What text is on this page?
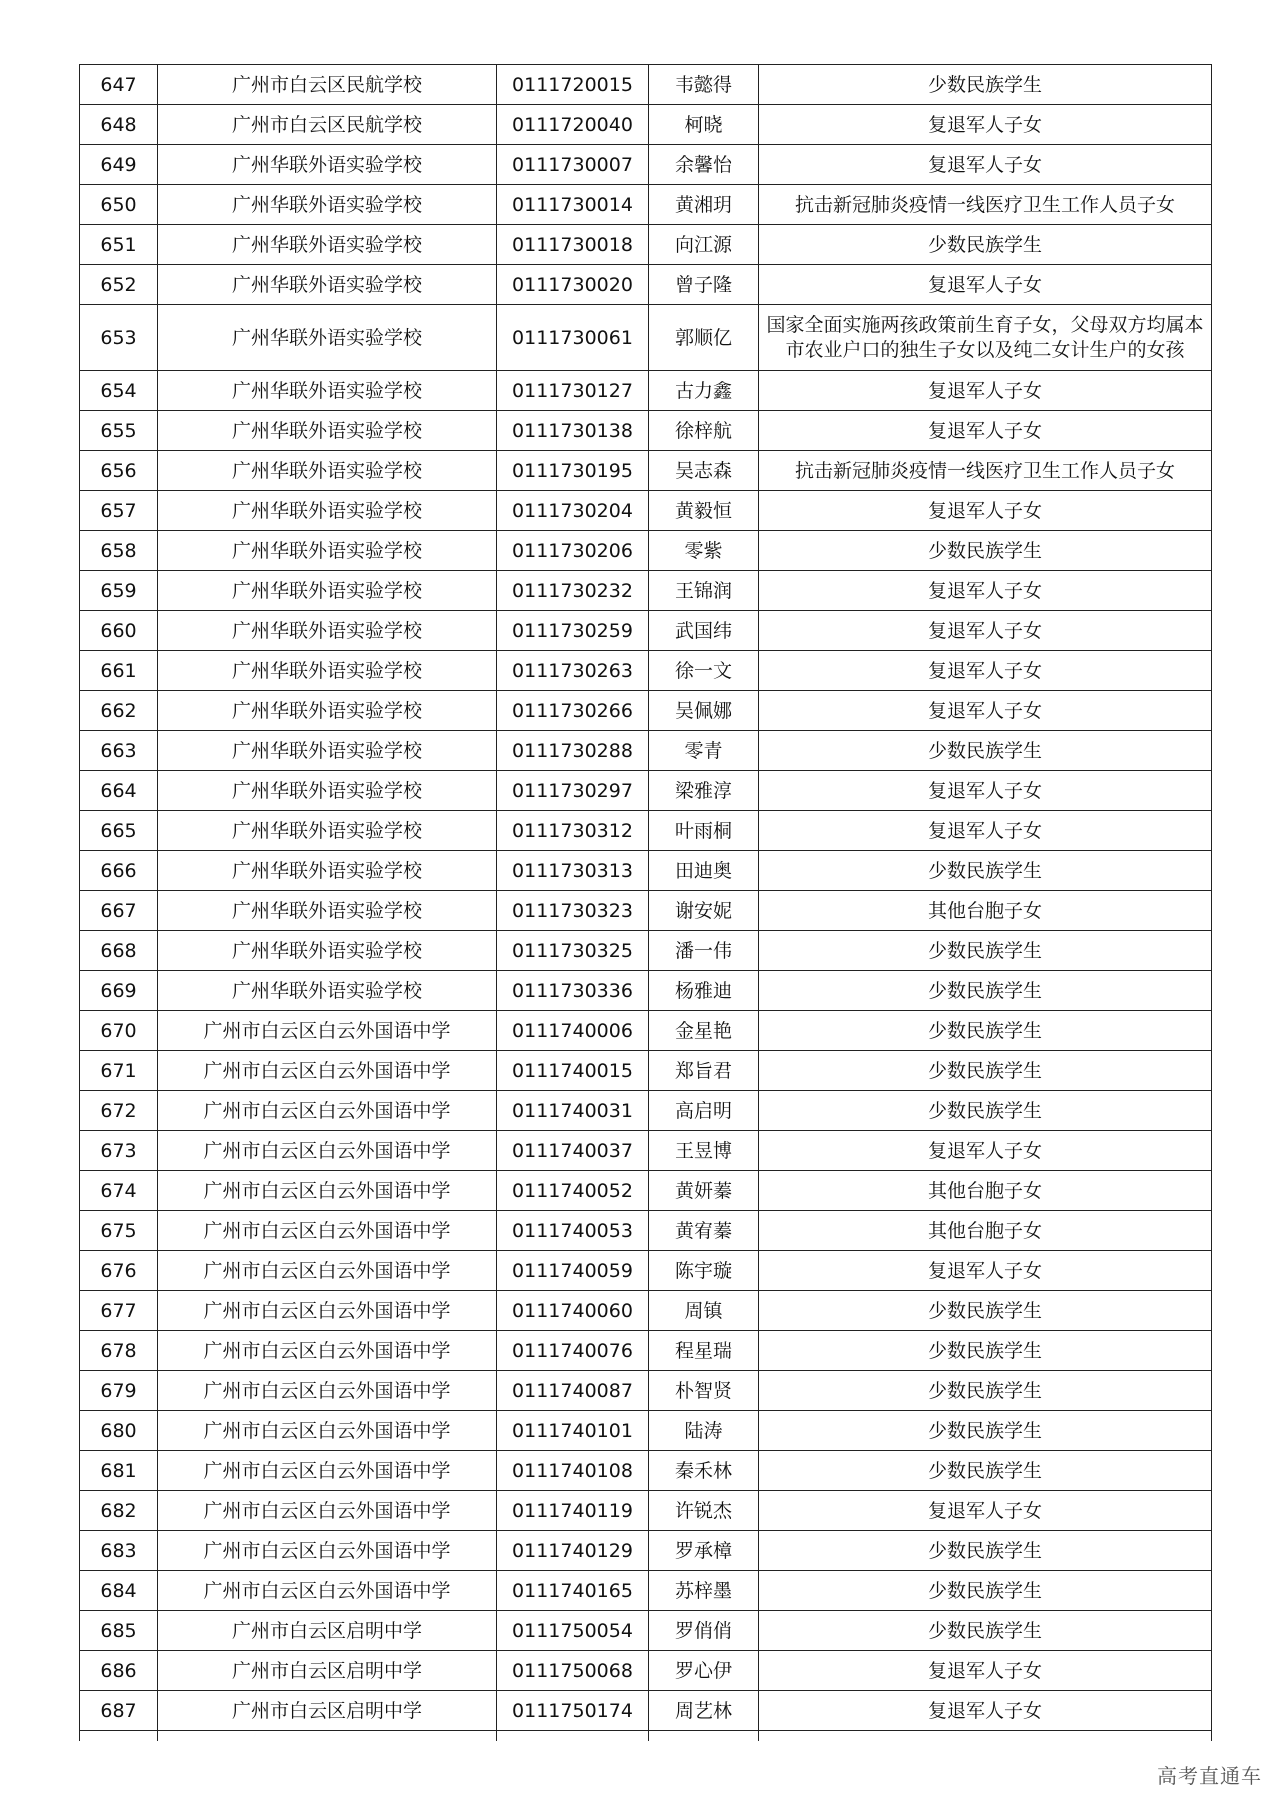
647	广州市白云区民航学校	0111720015	韦懿得	少数民族学生
648	广州市白云区民航学校	0111720040	柯晓	复退军人子女
649	广州华联外语实验学校	0111730007	余馨怡	复退军人子女
650	广州华联外语实验学校	0111730014	黄湘玥	抗击新冠肺炎疫情一线医疗卫生工作人员子女
651	广州华联外语实验学校	0111730018	向江源	少数民族学生
652	广州华联外语实验学校	0111730020	曾子隆	复退军人子女
653	广州华联外语实验学校	0111730061	郭顺亿	国家全面实施两孩政策前生育子女，父母双方均属本市农业户口的独生子女以及纯二女计生户的女孩
654	广州华联外语实验学校	0111730127	古力鑫	复退军人子女
655	广州华联外语实验学校	0111730138	徐梓航	复退军人子女
656	广州华联外语实验学校	0111730195	吴志森	抗击新冠肺炎疫情一线医疗卫生工作人员子女
657	广州华联外语实验学校	0111730204	黄毅恒	复退军人子女
658	广州华联外语实验学校	0111730206	零紫	少数民族学生
659	广州华联外语实验学校	0111730232	王锦润	复退军人子女
660	广州华联外语实验学校	0111730259	武国纬	复退军人子女
661	广州华联外语实验学校	0111730263	徐一文	复退军人子女
662	广州华联外语实验学校	0111730266	吴佩娜	复退军人子女
663	广州华联外语实验学校	0111730288	零青	少数民族学生
664	广州华联外语实验学校	0111730297	梁雅淳	复退军人子女
665	广州华联外语实验学校	0111730312	叶雨桐	复退军人子女
666	广州华联外语实验学校	0111730313	田迪奥	少数民族学生
667	广州华联外语实验学校	0111730323	谢安妮	其他台胞子女
668	广州华联外语实验学校	0111730325	潘一伟	少数民族学生
669	广州华联外语实验学校	0111730336	杨雅迪	少数民族学生
670	广州市白云区白云外国语中学	0111740006	金星艳	少数民族学生
671	广州市白云区白云外国语中学	0111740015	郑旨君	少数民族学生
672	广州市白云区白云外国语中学	0111740031	高启明	少数民族学生
673	广州市白云区白云外国语中学	0111740037	王昱博	复退军人子女
674	广州市白云区白云外国语中学	0111740052	黄妍蓁	其他台胞子女
675	广州市白云区白云外国语中学	0111740053	黄宥蓁	其他台胞子女
676	广州市白云区白云外国语中学	0111740059	陈宇璇	复退军人子女
677	广州市白云区白云外国语中学	0111740060	周镇	少数民族学生
678	广州市白云区白云外国语中学	0111740076	程星瑞	少数民族学生
679	广州市白云区白云外国语中学	0111740087	朴智贤	少数民族学生
680	广州市白云区白云外国语中学	0111740101	陆涛	少数民族学生
681	广州市白云区白云外国语中学	0111740108	秦禾林	少数民族学生
682	广州市白云区白云外国语中学	0111740119	许锐杰	复退军人子女
683	广州市白云区白云外国语中学	0111740129	罗承樟	少数民族学生
684	广州市白云区白云外国语中学	0111740165	苏梓墨	少数民族学生
685	广州市白云区启明中学	0111750054	罗俏俏	少数民族学生
686	广州市白云区启明中学	0111750068	罗心伊	复退军人子女
687	广州市白云区启明中学	0111750174	周艺林	复退军人子女

高考直通车
